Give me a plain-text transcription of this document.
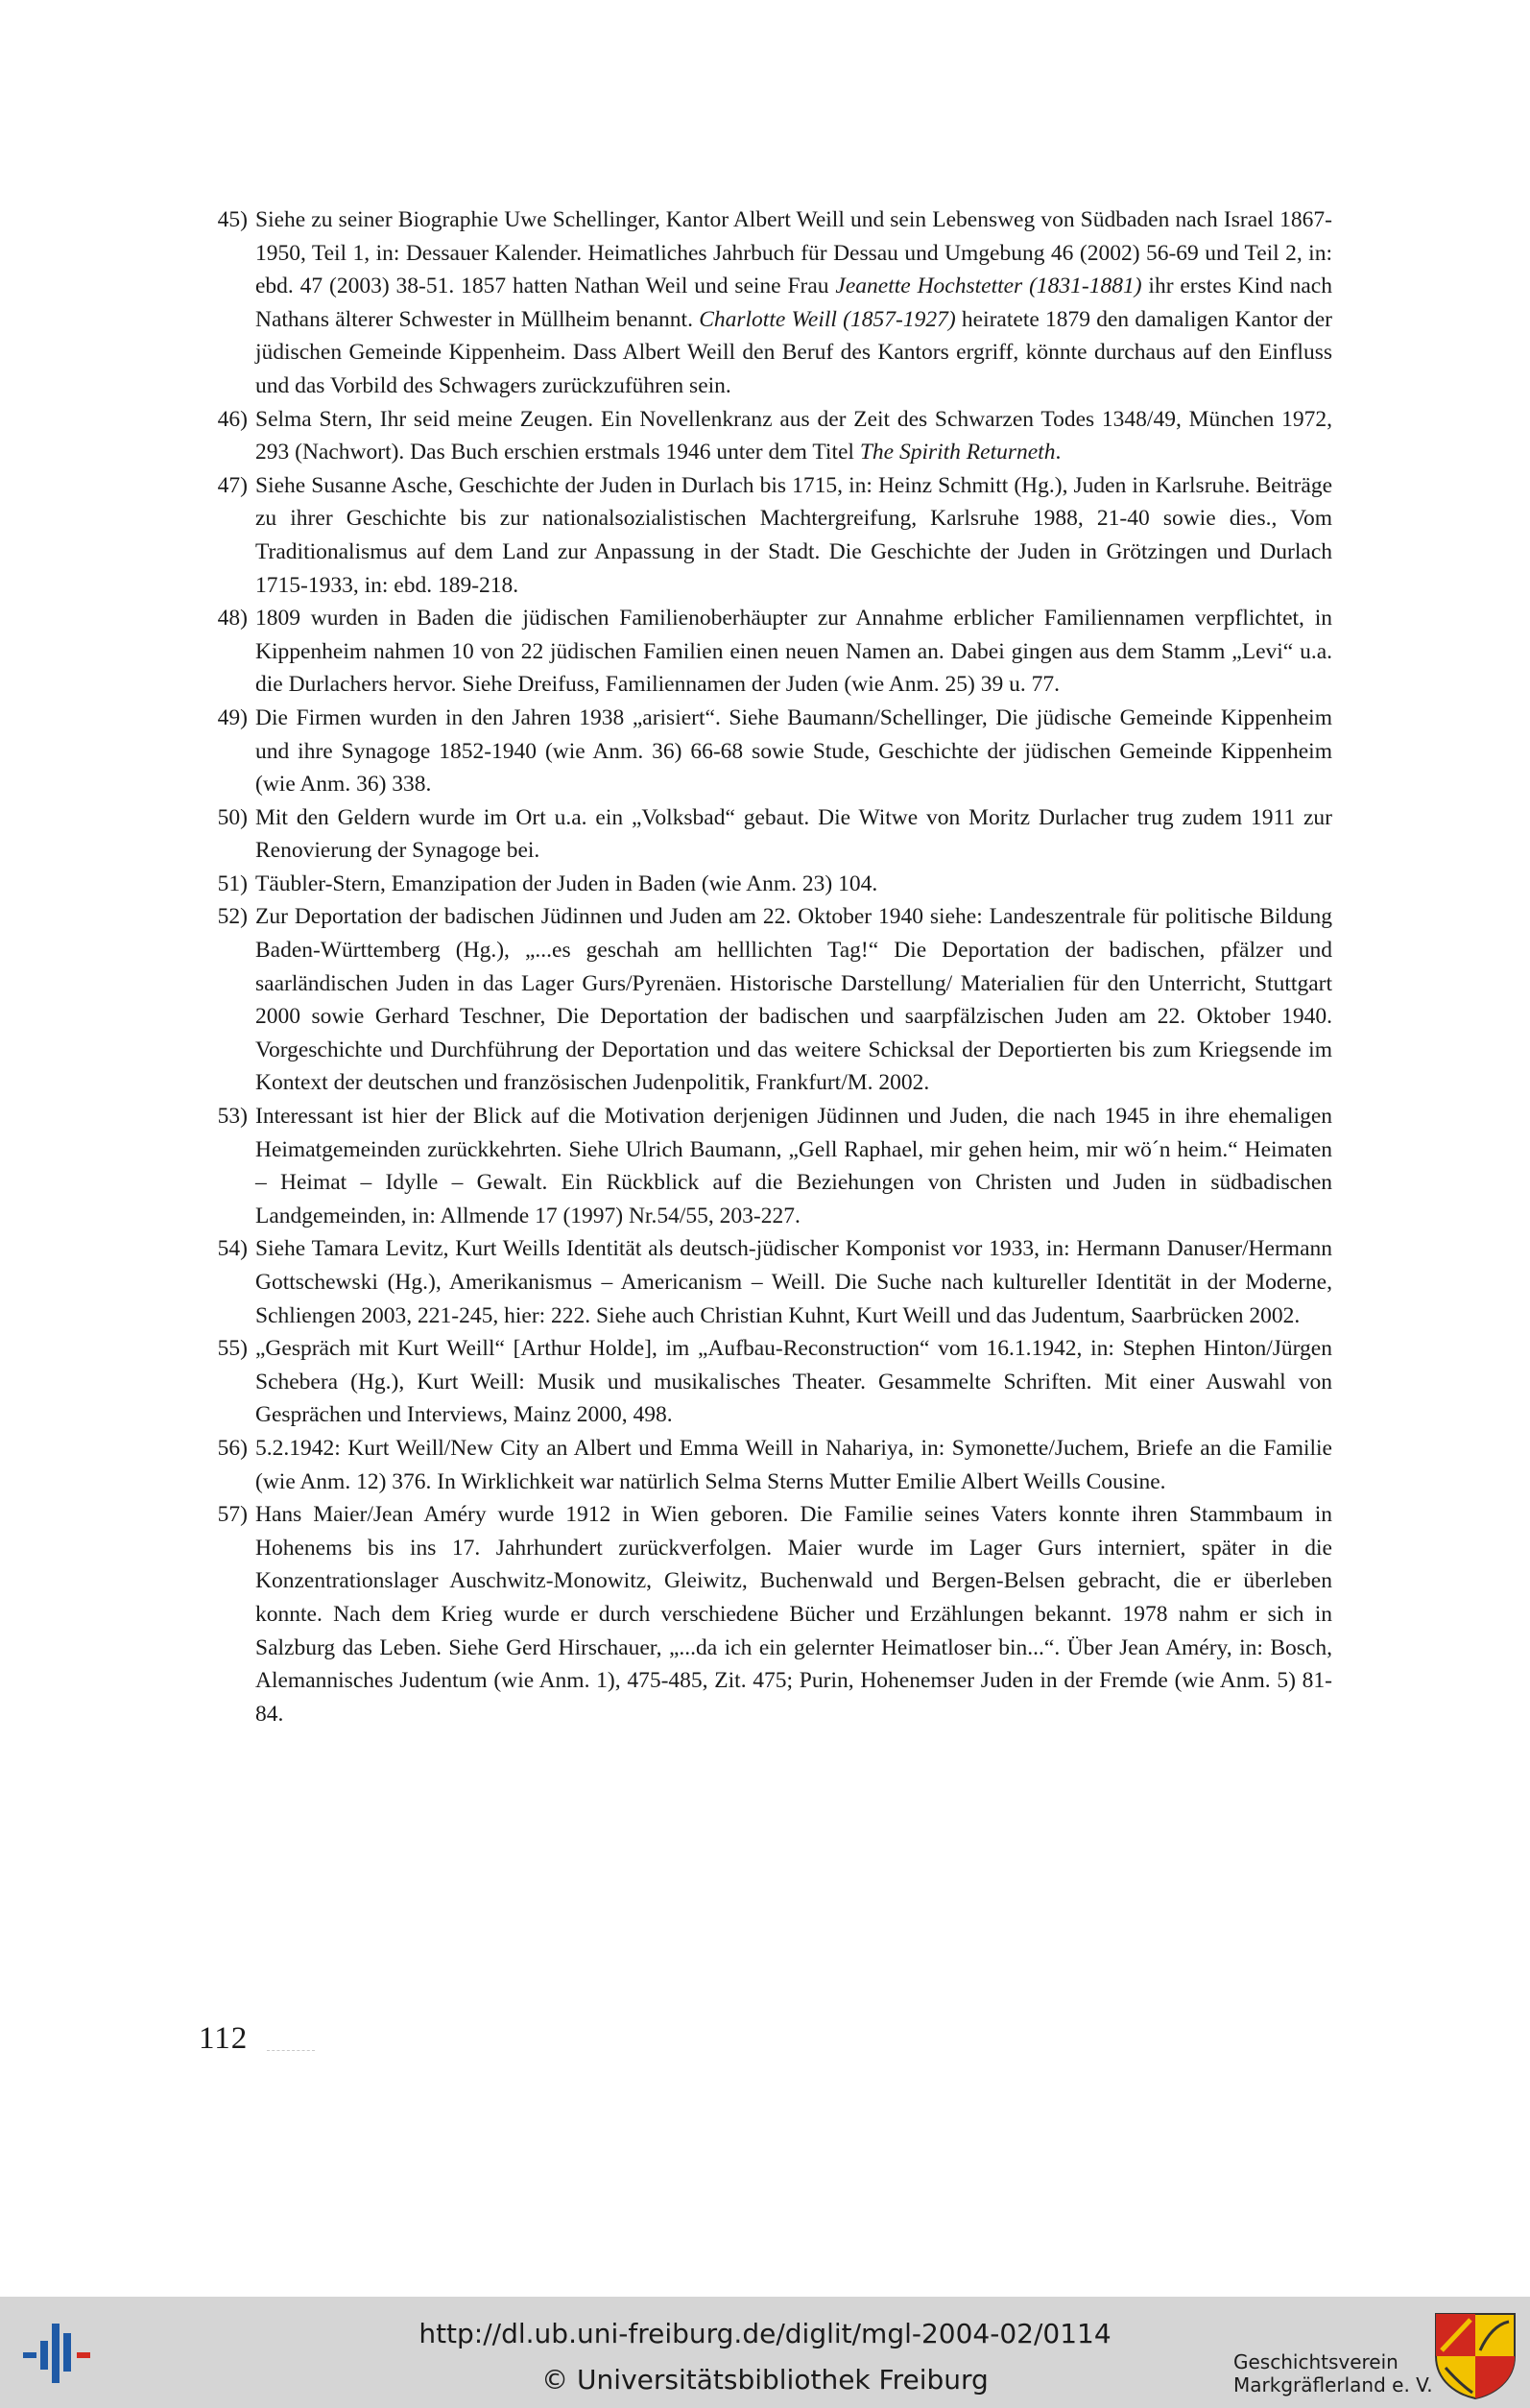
45) Siehe zu seiner Biographie Uwe Schellinger, Kantor Albert Weill und sein Lebensweg von Südbaden nach Israel 1867-1950, Teil 1, in: Dessauer Kalender. Heimatliches Jahrbuch für Dessau und Umgebung 46 (2002) 56-69 und Teil 2, in: ebd. 47 (2003) 38-51. 1857 hatten Nathan Weil und seine Frau Jeanette Hochstetter (1831-1881) ihr erstes Kind nach Nathans älterer Schwester in Müllheim benannt. Charlotte Weill (1857-1927) heiratete 1879 den damaligen Kantor der jüdischen Gemeinde Kippenheim. Dass Albert Weill den Beruf des Kantors ergriff, könnte durchaus auf den Einfluss und das Vorbild des Schwagers zurückzuführen sein.
46) Selma Stern, Ihr seid meine Zeugen. Ein Novellenkranz aus der Zeit des Schwarzen Todes 1348/49, München 1972, 293 (Nachwort). Das Buch erschien erstmals 1946 unter dem Titel The Spirith Returneth.
47) Siehe Susanne Asche, Geschichte der Juden in Durlach bis 1715, in: Heinz Schmitt (Hg.), Juden in Karlsruhe. Beiträge zu ihrer Geschichte bis zur nationalsozialistischen Machtergreifung, Karlsruhe 1988, 21-40 sowie dies., Vom Traditionalismus auf dem Land zur Anpassung in der Stadt. Die Geschichte der Juden in Grötzingen und Durlach 1715-1933, in: ebd. 189-218.
48) 1809 wurden in Baden die jüdischen Familienoberhäupter zur Annahme erblicher Familiennamen verpflichtet, in Kippenheim nahmen 10 von 22 jüdischen Familien einen neuen Namen an. Dabei gingen aus dem Stamm „Levi“ u.a. die Durlachers hervor. Siehe Dreifuss, Familiennamen der Juden (wie Anm. 25) 39 u. 77.
49) Die Firmen wurden in den Jahren 1938 „arisiert“. Siehe Baumann/Schellinger, Die jüdische Gemeinde Kippenheim und ihre Synagoge 1852-1940 (wie Anm. 36) 66-68 sowie Stude, Geschichte der jüdischen Gemeinde Kippenheim (wie Anm. 36) 338.
50) Mit den Geldern wurde im Ort u.a. ein „Volksbad“ gebaut. Die Witwe von Moritz Durlacher trug zudem 1911 zur Renovierung der Synagoge bei.
51) Täubler-Stern, Emanzipation der Juden in Baden (wie Anm. 23) 104.
52) Zur Deportation der badischen Jüdinnen und Juden am 22. Oktober 1940 siehe: Landeszentrale für politische Bildung Baden-Württemberg (Hg.), „...es geschah am helllichten Tag!“ Die Deportation der badischen, pfälzer und saarländischen Juden in das Lager Gurs/Pyrenäen. Historische Darstellung/ Materialien für den Unterricht, Stuttgart 2000 sowie Gerhard Teschner, Die Deportation der badischen und saarpfälzischen Juden am 22. Oktober 1940. Vorgeschichte und Durchführung der Deportation und das weitere Schicksal der Deportierten bis zum Kriegsende im Kontext der deutschen und französischen Judenpolitik, Frankfurt/M. 2002.
53) Interessant ist hier der Blick auf die Motivation derjenigen Jüdinnen und Juden, die nach 1945 in ihre ehemaligen Heimatgemeinden zurückkehrten. Siehe Ulrich Baumann, „Gell Raphael, mir gehen heim, mir wö´n heim.“ Heimaten – Heimat – Idylle – Gewalt. Ein Rückblick auf die Beziehungen von Christen und Juden in südbadischen Landgemeinden, in: Allmende 17 (1997) Nr.54/55, 203-227.
54) Siehe Tamara Levitz, Kurt Weills Identität als deutsch-jüdischer Komponist vor 1933, in: Hermann Danuser/Hermann Gottschewski (Hg.), Amerikanismus – Americanism – Weill. Die Suche nach kultureller Identität in der Moderne, Schliengen 2003, 221-245, hier: 222. Siehe auch Christian Kuhnt, Kurt Weill und das Judentum, Saarbrücken 2002.
55) „Gespräch mit Kurt Weill“ [Arthur Holde], im „Aufbau-Reconstruction“ vom 16.1.1942, in: Stephen Hinton/Jürgen Schebera (Hg.), Kurt Weill: Musik und musikalisches Theater. Gesammelte Schriften. Mit einer Auswahl von Gesprächen und Interviews, Mainz 2000, 498.
56) 5.2.1942: Kurt Weill/New City an Albert und Emma Weill in Nahariya, in: Symonette/Juchem, Briefe an die Familie (wie Anm. 12) 376. In Wirklichkeit war natürlich Selma Sterns Mutter Emilie Albert Weills Cousine.
57) Hans Maier/Jean Améry wurde 1912 in Wien geboren. Die Familie seines Vaters konnte ihren Stammbaum in Hohenems bis ins 17. Jahrhundert zurückverfolgen. Maier wurde im Lager Gurs interniert, später in die Konzentrationslager Auschwitz-Monowitz, Gleiwitz, Buchenwald und Bergen-Belsen gebracht, die er überleben konnte. Nach dem Krieg wurde er durch verschiedene Bücher und Erzählungen bekannt. 1978 nahm er sich in Salzburg das Leben. Siehe Gerd Hirschauer, „...da ich ein gelernter Heimatloser bin...“. Über Jean Améry, in: Bosch, Alemannisches Judentum (wie Anm. 1), 475-485, Zit. 475; Purin, Hohenemser Juden in der Fremde (wie Anm. 5) 81-84.
112
http://dl.ub.uni-freiburg.de/diglit/mgl-2004-02/0114
© Universitätsbibliothek Freiburg
Geschichtsverein
Markgräflerland e. V.
